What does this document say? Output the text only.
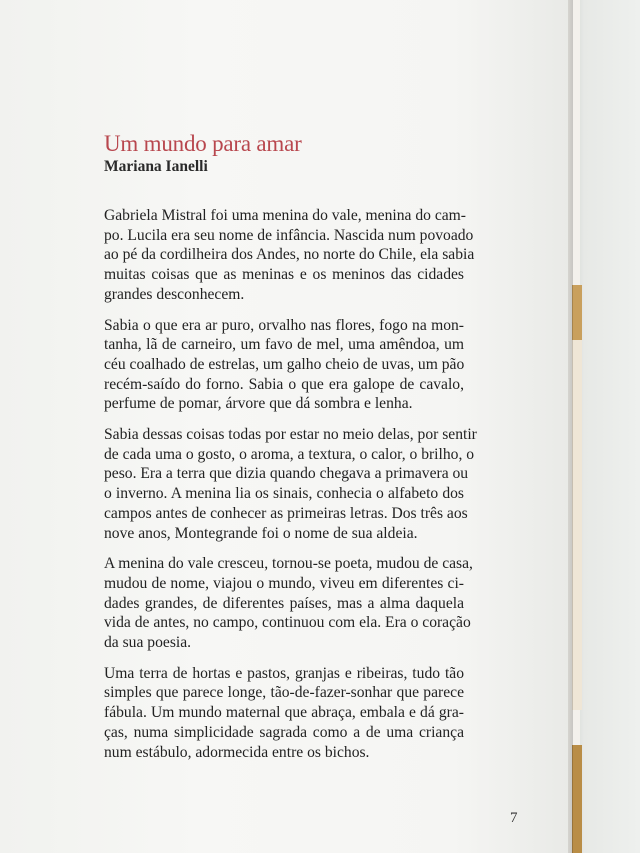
Um mundo para amar
Mariana Ianelli

Gabriela Mistral foi uma menina do vale, menina do cam-
po. Lucila era seu nome de infância. Nascida num povoado
ao pé da cordilheira dos Andes, no norte do Chile, ela sabia
muitas coisas que as meninas e os meninos das cidades
grandes desconhecem.

Sabia o que era ar puro, orvalho nas flores, fogo na mon-
tanha, lã de carneiro, um favo de mel, uma amêndoa, um
céu coalhado de estrelas, um galho cheio de uvas, um pão
recém-saído do forno. Sabia o que era galope de cavalo,
perfume de pomar, árvore que dá sombra e lenha.

Sabia dessas coisas todas por estar no meio delas, por sentir
de cada uma o gosto, o aroma, a textura, o calor, o brilho, o
peso. Era a terra que dizia quando chegava a primavera ou
o inverno. A menina lia os sinais, conhecia o alfabeto dos
campos antes de conhecer as primeiras letras. Dos três aos
nove anos, Montegrande foi o nome de sua aldeia.

A menina do vale cresceu, tornou-se poeta, mudou de casa,
mudou de nome, viajou o mundo, viveu em diferentes ci-
dades grandes, de diferentes países, mas a alma daquela
vida de antes, no campo, continuou com ela. Era o coração
da sua poesia.

Uma terra de hortas e pastos, granjas e ribeiras, tudo tão
simples que parece longe, tão-de-fazer-sonhar que parece
fábula. Um mundo maternal que abraça, embala e dá gra-
ças, numa simplicidade sagrada como a de uma criança
num estábulo, adormecida entre os bichos.

7
